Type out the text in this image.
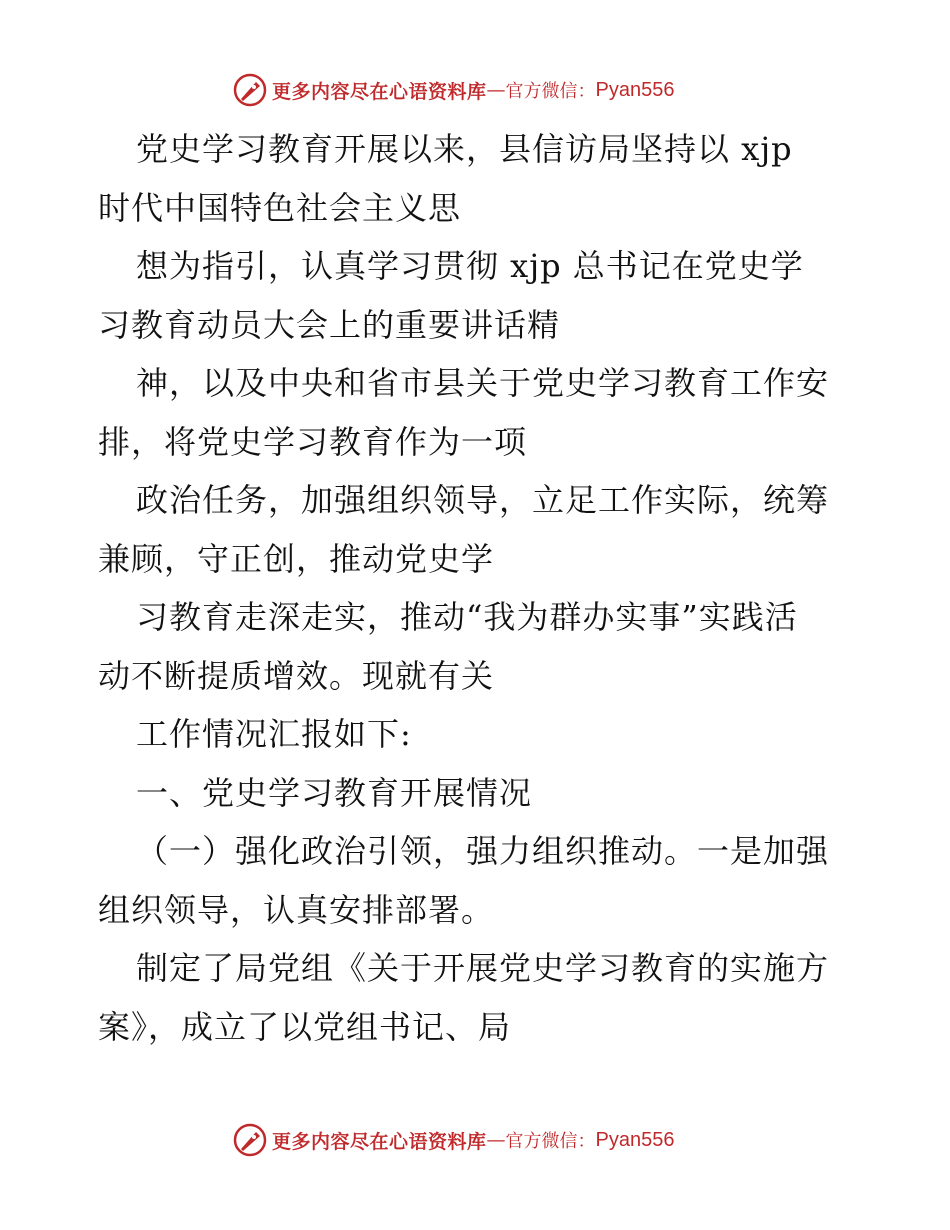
更多内容尽在心语资料库 — 官方微信： Pyan556
党史学习教育开展以来，县信访局坚持以 xjp
时代中国特色社会主义思
想为指引，认真学习贯彻 xjp 总书记在党史学
习教育动员大会上的重要讲话精
神，以及中央和省市县关于党史学习教育工作安
排，将党史学习教育作为一项
政治任务，加强组织领导，立足工作实际，统筹
兼顾，守正创，推动党史学
习教育走深走实，推动“我为群办实事”实践活
动不断提质增效。现就有关
工作情况汇报如下:
一、党史学习教育开展情况
（一）强化政治引领，强力组织推动。一是加强
组织领导，认真安排部署。
制定了局党组《关于开展党史学习教育的实施方
案》，成立了以党组书记、局
更多内容尽在心语资料库 — 官方微信： Pyan556
